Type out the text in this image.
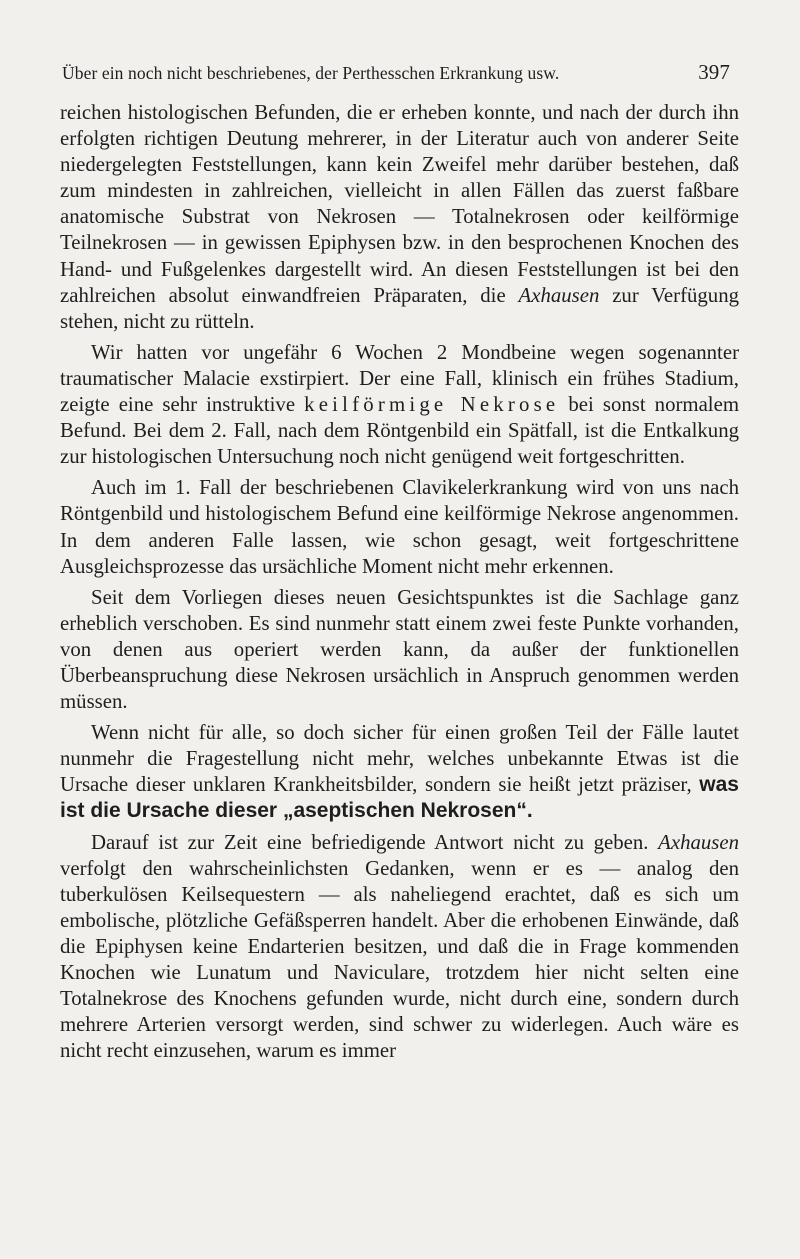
Über ein noch nicht beschriebenes, der Perthesschen Erkrankung usw.	397

reichen histologischen Befunden, die er erheben konnte, und nach der durch ihn erfolgten richtigen Deutung mehrerer, in der Literatur auch von anderer Seite niedergelegten Feststellungen, kann kein Zweifel mehr darüber bestehen, daß zum mindesten in zahlreichen, vielleicht in allen Fällen das zuerst faßbare anatomische Substrat von Nekrosen — Totalnekrosen oder keilförmige Teilnekrosen — in gewissen Epiphysen bzw. in den besprochenen Knochen des Hand- und Fußgelenkes dargestellt wird. An diesen Feststellungen ist bei den zahlreichen absolut einwandfreien Präparaten, die Axhausen zur Verfügung stehen, nicht zu rütteln.

Wir hatten vor ungefähr 6 Wochen 2 Mondbeine wegen sogenannter traumatischer Malacie exstirpiert. Der eine Fall, klinisch ein frühes Stadium, zeigte eine sehr instruktive keilförmige Nekrose bei sonst normalem Befund. Bei dem 2. Fall, nach dem Röntgenbild ein Spätfall, ist die Entkalkung zur histologischen Untersuchung noch nicht genügend weit fortgeschritten.

Auch im 1. Fall der beschriebenen Clavikelerkrankung wird von uns nach Röntgenbild und histologischem Befund eine keilförmige Nekrose angenommen. In dem anderen Falle lassen, wie schon gesagt, weit fortgeschrittene Ausgleichsprozesse das ursächliche Moment nicht mehr erkennen.

Seit dem Vorliegen dieses neuen Gesichtspunktes ist die Sachlage ganz erheblich verschoben. Es sind nunmehr statt einem zwei feste Punkte vorhanden, von denen aus operiert werden kann, da außer der funktionellen Überbeanspruchung diese Nekrosen ursächlich in Anspruch genommen werden müssen.

Wenn nicht für alle, so doch sicher für einen großen Teil der Fälle lautet nunmehr die Fragestellung nicht mehr, welches unbekannte Etwas ist die Ursache dieser unklaren Krankheitsbilder, sondern sie heißt jetzt präziser, was ist die Ursache dieser „aseptischen Nekrosen“.

Darauf ist zur Zeit eine befriedigende Antwort nicht zu geben. Axhausen verfolgt den wahrscheinlichsten Gedanken, wenn er es — analog den tuberkulösen Keilsequestern — als naheliegend erachtet, daß es sich um embolische, plötzliche Gefäßsperren handelt. Aber die erhobenen Einwände, daß die Epiphysen keine Endarterien besitzen, und daß die in Frage kommenden Knochen wie Lunatum und Naviculare, trotzdem hier nicht selten eine Totalnekrose des Knochens gefunden wurde, nicht durch eine, sondern durch mehrere Arterien versorgt werden, sind schwer zu widerlegen. Auch wäre es nicht recht einzusehen, warum es immer
